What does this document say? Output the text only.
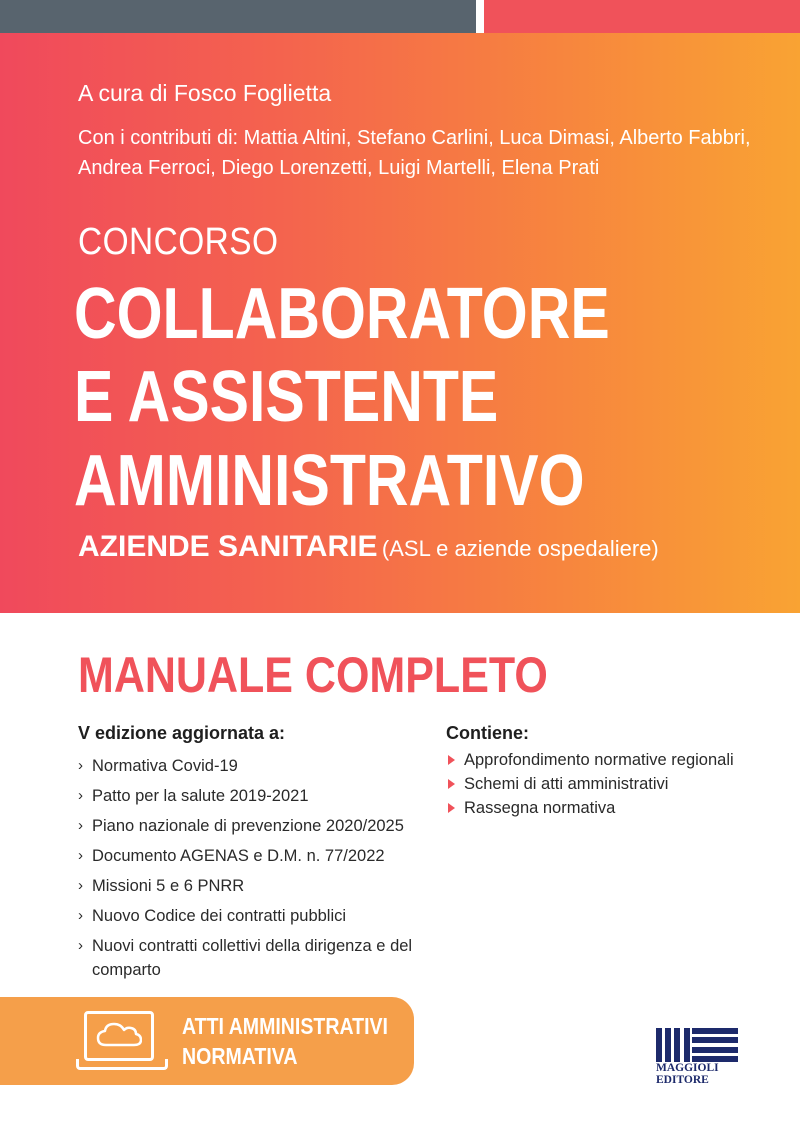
A cura di Fosco Foglietta
Con i contributi di: Mattia Altini, Stefano Carlini, Luca Dimasi, Alberto Fabbri, Andrea Ferroci, Diego Lorenzetti, Luigi Martelli, Elena Prati
CONCORSO
COLLABORATORE
E ASSISTENTE
AMMINISTRATIVO
AZIENDE SANITARIE (ASL e aziende ospedaliere)
MANUALE COMPLETO
V edizione aggiornata a:
› Normativa Covid-19
› Patto per la salute 2019-2021
› Piano nazionale di prevenzione 2020/2025
› Documento AGENAS e D.M. n. 77/2022
› Missioni 5 e 6 PNRR
› Nuovo Codice dei contratti pubblici
› Nuovi contratti collettivi della dirigenza e del comparto
Contiene:
Approfondimento normative regionali
Schemi di atti amministrativi
Rassegna normativa
ATTI AMMINISTRATIVI
NORMATIVA	MAGGIOLI
EDITORE
